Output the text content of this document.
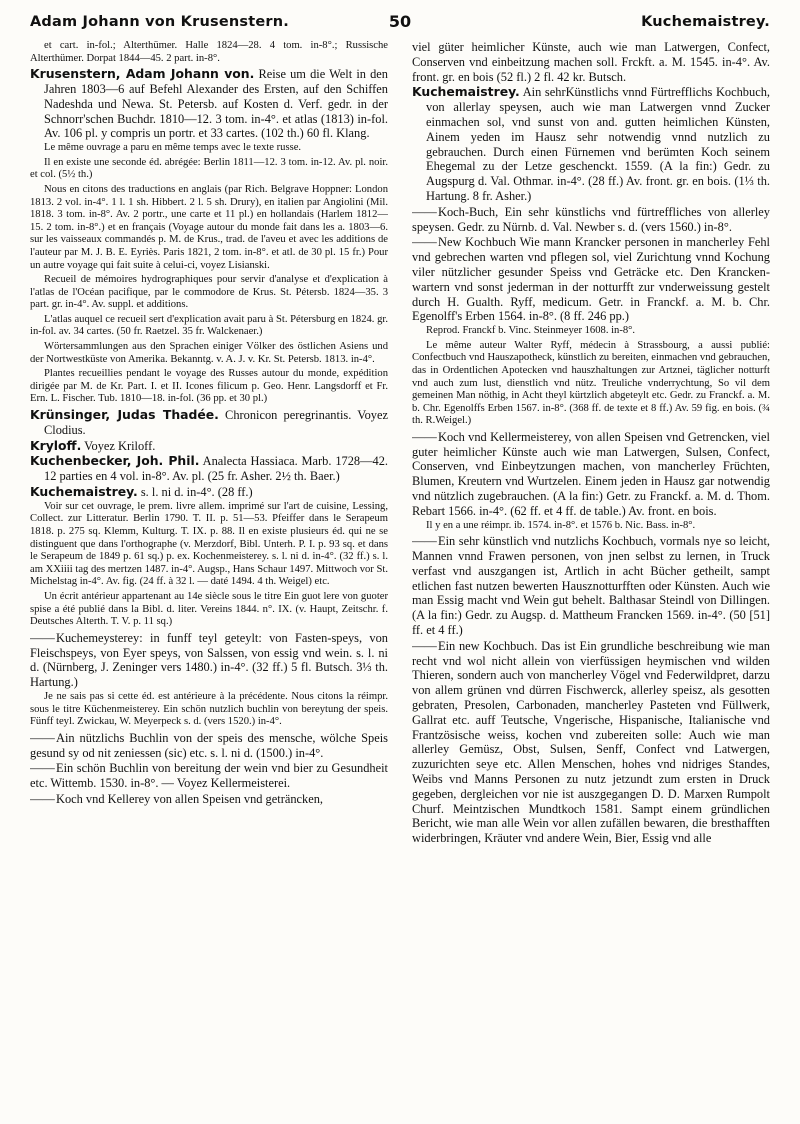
Adam Johann von Krusenstern.	50	Kuchemaistrey.

et cart. in-fol.; Alterthümer. Halle 1824—28. 4 tom. in-8°.; Russische Alterthümer. Dorpat 1844—45. 2 part. in-8°.

Krusenstern, Adam Johann von. Reise um die Welt in den Jahren 1803—6 auf Befehl Alexander des Ersten, auf den Schiffen Nadeshda und Newa. St. Petersb. auf Kosten d. Verf. gedr. in der Schnorr'schen Buchdr. 1810—12. 3 tom. in-4°. et atlas (1813) in-fol. Av. 106 pl. y compris un portr. et 33 cartes. (102 th.) 60 fl. Klang.

Le même ouvrage a paru en même temps avec le texte russe.

Il en existe une seconde éd. abrégée: Berlin 1811—12. 3 tom. in-12. Av. pl. noir. et col. (5½ th.)

Nous en citons des traductions en anglais (par Rich. Belgrave Hoppner: London 1813. 2 vol. in-4°. 1 l. 1 sh. Hibbert. 2 l. 5 sh. Drury), en italien par Angiolini (Mil. 1818. 3 tom. in-8°. Av. 2 portr., une carte et 11 pl.) en hollandais (Harlem 1812—15. 2 tom. in-8°.) et en français (Voyage autour du monde fait dans les a. 1803—6. sur les vaisseaux commandés p. M. de Krus., trad. de l'aveu et avec les additions de l'auteur par M. J. B. E. Eyriès. Paris 1821, 2 tom. in-8°. et atl. de 30 pl. 15 fr.) Pour un autre voyage qui fait suite à celui-ci, voyez Lisianski.

Recueil de mémoires hydrographiques pour servir d'analyse et d'explication à l'atlas de l'Océan pacifique, par le commodore de Krus. St. Pétersb. 1824—35. 3 part. gr. in-4°. Av. suppl. et additions.

L'atlas auquel ce recueil sert d'explication avait paru à St. Pétersburg en 1824. gr. in-fol. av. 34 cartes. (50 fr. Raetzel. 35 fr. Walckenaer.)

Wörtersammlungen aus den Sprachen einiger Völker des östlichen Asiens und der Nortwestküste von Amerika. Bekanntg. v. A. J. v. Kr. St. Petersb. 1813. in-4°.

Plantes recueillies pendant le voyage des Russes autour du monde, expédition dirigée par M. de Kr. Part. I. et II. Icones filicum p. Geo. Henr. Langsdorff et Fr. Ern. L. Fischer. Tub. 1810—18. in-fol. (36 pp. et 30 pl.)

Krünsinger, Judas Thadée. Chronicon peregrinantis. Voyez Clodius.

Kryloff. Voyez Kriloff.

Kuchenbecker, Joh. Phil. Analecta Hassiaca. Marb. 1728—42. 12 parties en 4 vol. in-8°. Av. pl. (25 fr. Asher. 2½ th. Baer.)

Kuchemaistrey. s. l. ni d. in-4°. (28 ff.)

Voir sur cet ouvrage, le prem. livre allem. imprimé sur l'art de cuisine, Lessing, Collect. zur Litteratur. Berlin 1790. T. II. p. 51—53. Pfeiffer dans le Serapeum 1818. p. 275 sq. Klemm, Kulturg. T. IX. p. 88. Il en existe plusieurs éd. qui ne se distinguent que dans l'orthographe (v. Merzdorf, Bibl. Unterh. P. I. p. 93 sq. et dans le Serapeum de 1849 p. 61 sq.) p. ex. Kochenmeisterey. s. l. ni d. in-4°. (32 ff.) s. l. am XXiiii tag des mertzen 1487. in-4°. Augsp., Hans Schaur 1497. Mittwoch vor St. Michelstag in-4°. Av. fig. (24 ff. à 32 l. — daté 1494. 4 th. Weigel) etc.

Un écrit antérieur appartenant au 14e siècle sous le titre Ein guot lere von guoter spise a été publié dans la Bibl. d. liter. Vereins 1844. n°. IX. (v. Haupt, Zeitschr. f. Deutsches Alterth. T. V. p. 11 sq.)

——Kuchemeysterey: in funff teyl geteylt: von Fasten-speys, von Fleischspeys, von Eyer speys, von Salssen, von essig vnd wein. s. l. ni d. (Nürnberg, J. Zeninger vers 1480.) in-4°. (32 ff.) 5 fl. Butsch. 3⅓ th. Hartung.)

Je ne sais pas si cette éd. est antérieure à la précédente. Nous citons la réimpr. sous le titre Küchenmeisterey. Ein schön nutzlich buchlin von bereytung der speis. Fünff teyl. Zwickau, W. Meyerpeck s. d. (vers 1520.) in-4°.

——Ain nützlichs Buchlin von der speis des mensche, wölche Speis gesund sy od nit zeniessen (sic) etc. s. l. ni d. (1500.) in-4°.

——Ein schön Buchlin von bereitung der wein vnd bier zu Gesundheit etc. Wittemb. 1530. in-8°. — Voyez Kellermeisterei.

——Koch vnd Kellerey von allen Speisen vnd geträncken,

viel güter heimlicher Künste, auch wie man Latwergen, Confect, Conserven vnd einbeitzung machen soll. Frckft. a. M. 1545. in-4°. Av. front. gr. en bois (52 fl.) 2 fl. 42 kr. Butsch.

Kuchemaistrey. Ain sehrKünstlichs vnnd Fürtrefflichs Kochbuch, von allerlay speysen, auch wie man Latwergen vnnd Zucker einmachen sol, vnd sunst von and. gutten heimlichen Künsten, Ainem yeden im Hausz sehr notwendig vnnd nutzlich zu gebrauchen. Durch einen Fürnemen vnd berümten Koch seinem Ehegemal zu der Letze geschenckt. 1559. (A la fin:) Gedr. zu Augspurg d. Val. Othmar. in-4°. (28 ff.) Av. front. gr. en bois. (1⅓ th. Hartung. 8 fr. Asher.)

——Koch-Buch, Ein sehr künstlichs vnd fürtreffliches von allerley speysen. Gedr. zu Nürnb. d. Val. Newber s. d. (vers 1560.) in-8°.

——New Kochbuch Wie mann Krancker personen in mancherley Fehl vnd gebrechen warten vnd pflegen sol, viel Zurichtung vnnd Kochung viler nützlicher gesunder Speiss vnd Geträcke etc. Den Krancken-wartern vnd sonst jederman in der notturfft zur vnderweissung gestelt durch H. Gualth. Ryff, medicum. Getr. in Franckf. a. M. b. Chr. Egenolff's Erben 1564. in-8°. (8 ff. 246 pp.)

Reprod. Franckf b. Vinc. Steinmeyer 1608. in-8°.

Le même auteur Walter Ryff, médecin à Strassbourg, a aussi publié: Confectbuch vnd Hauszapotheck, künstlich zu bereiten, einmachen vnd gebrauchen, das in Ordentlichen Apotecken vnd hauszhaltungen zur Artznei, täglicher notturft vnd auch zum lust, dienstlich vnd nütz. Treuliche vnderrychtung, So vil dem gemeinen Man nöthig, in Acht theyl kürtzlich abgeteylt etc. Gedr. zu Franckf. a. M. b. Chr. Egenolffs Erben 1567. in-8°. (368 ff. de texte et 8 ff.) Av. 59 fig. en bois. (¾ th. R.Weigel.)

——Koch vnd Kellermeisterey, von allen Speisen vnd Getrencken, viel guter heimlicher Künste auch wie man Latwergen, Sulsen, Confect, Conserven, vnd Einbeytzungen machen, von mancherley Früchten, Blumen, Kreutern vnd Wurtzelen. Einem jeden in Hausz gar notwendig vnd nützlich zugebrauchen. (A la fin:) Getr. zu Franckf. a. M. d. Thom. Rebart 1566. in-4°. (62 ff. et 4 ff. de table.) Av. front. en bois.

Il y en a une réimpr. ib. 1574. in-8°. et 1576 b. Nic. Bass. in-8°.

——Ein sehr künstlich vnd nutzlichs Kochbuch, vormals nye so leicht, Mannen vnnd Frawen personen, von jnen selbst zu lernen, in Truck verfast vnd auszgangen ist, Artlich in acht Bücher getheilt, sampt etlichen fast nutzen bewerten Hausznotturfften oder Künsten. Auch wie man Essig macht vnd Wein gut behelt. Balthasar Steindl von Dillingen. (A la fin:) Gedr. zu Augsp. d. Mattheum Francken 1569. in-4°. (50 [51] ff. et 4 ff.)

——Ein new Kochbuch. Das ist Ein grundliche beschreibung wie man recht vnd wol nicht allein von vierfüssigen heymischen vnd wilden Thieren, sondern auch von mancherley Vögel vnd Federwildpret, darzu von allem grünen vnd dürren Fischwerck, allerley speisz, als gesotten gebraten, Presolen, Carbonaden, mancherley Pasteten vnd Füllwerk, Gallrat etc. auff Teutsche, Vngerische, Hispanische, Italianische vnd Frantzösische weiss, kochen vnd zubereiten solle: Auch wie man allerley Gemüsz, Obst, Sulsen, Senff, Confect vnd Latwergen, zuzurichten seye etc. Allen Menschen, hohes vnd nidriges Standes, Weibs vnd Manns Personen zu nutz jetzundt zum ersten in Druck gegeben, dergleichen vor nie ist auszgegangen D. D. Marxen Rumpolt Churf. Meintzischen Mundtkoch 1581. Sampt einem gründlichen Bericht, wie man alle Wein vor allen zufällen bewaren, die bresthafften widerbringen, Kräuter vnd andere Wein, Bier, Essig vnd alle
